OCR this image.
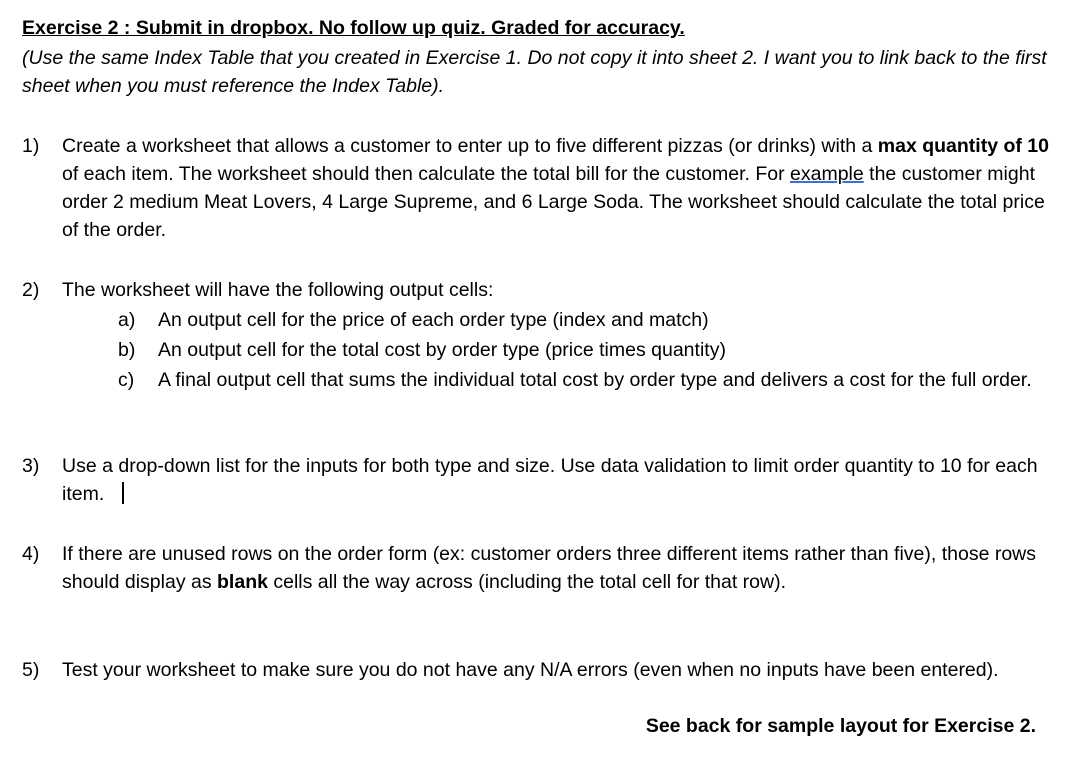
Exercise 2 : Submit in dropbox. No follow up quiz. Graded for accuracy.
(Use the same Index Table that you created in Exercise 1. Do not copy it into sheet 2. I want you to link back to the first sheet when you must reference the Index Table).
1) Create a worksheet that allows a customer to enter up to five different pizzas (or drinks) with a max quantity of 10 of each item. The worksheet should then calculate the total bill for the customer. For example the customer might order 2 medium Meat Lovers, 4 Large Supreme, and 6 Large Soda. The worksheet should calculate the total price of the order.
2) The worksheet will have the following output cells:
a) An output cell for the price of each order type (index and match)
b) An output cell for the total cost by order type (price times quantity)
c) A final output cell that sums the individual total cost by order type and delivers a cost for the full order.
3) Use a drop-down list for the inputs for both type and size. Use data validation to limit order quantity to 10 for each item.
4) If there are unused rows on the order form (ex: customer orders three different items rather than five), those rows should display as blank cells all the way across (including the total cell for that row).
5) Test your worksheet to make sure you do not have any N/A errors (even when no inputs have been entered).
See back for sample layout for Exercise 2.
